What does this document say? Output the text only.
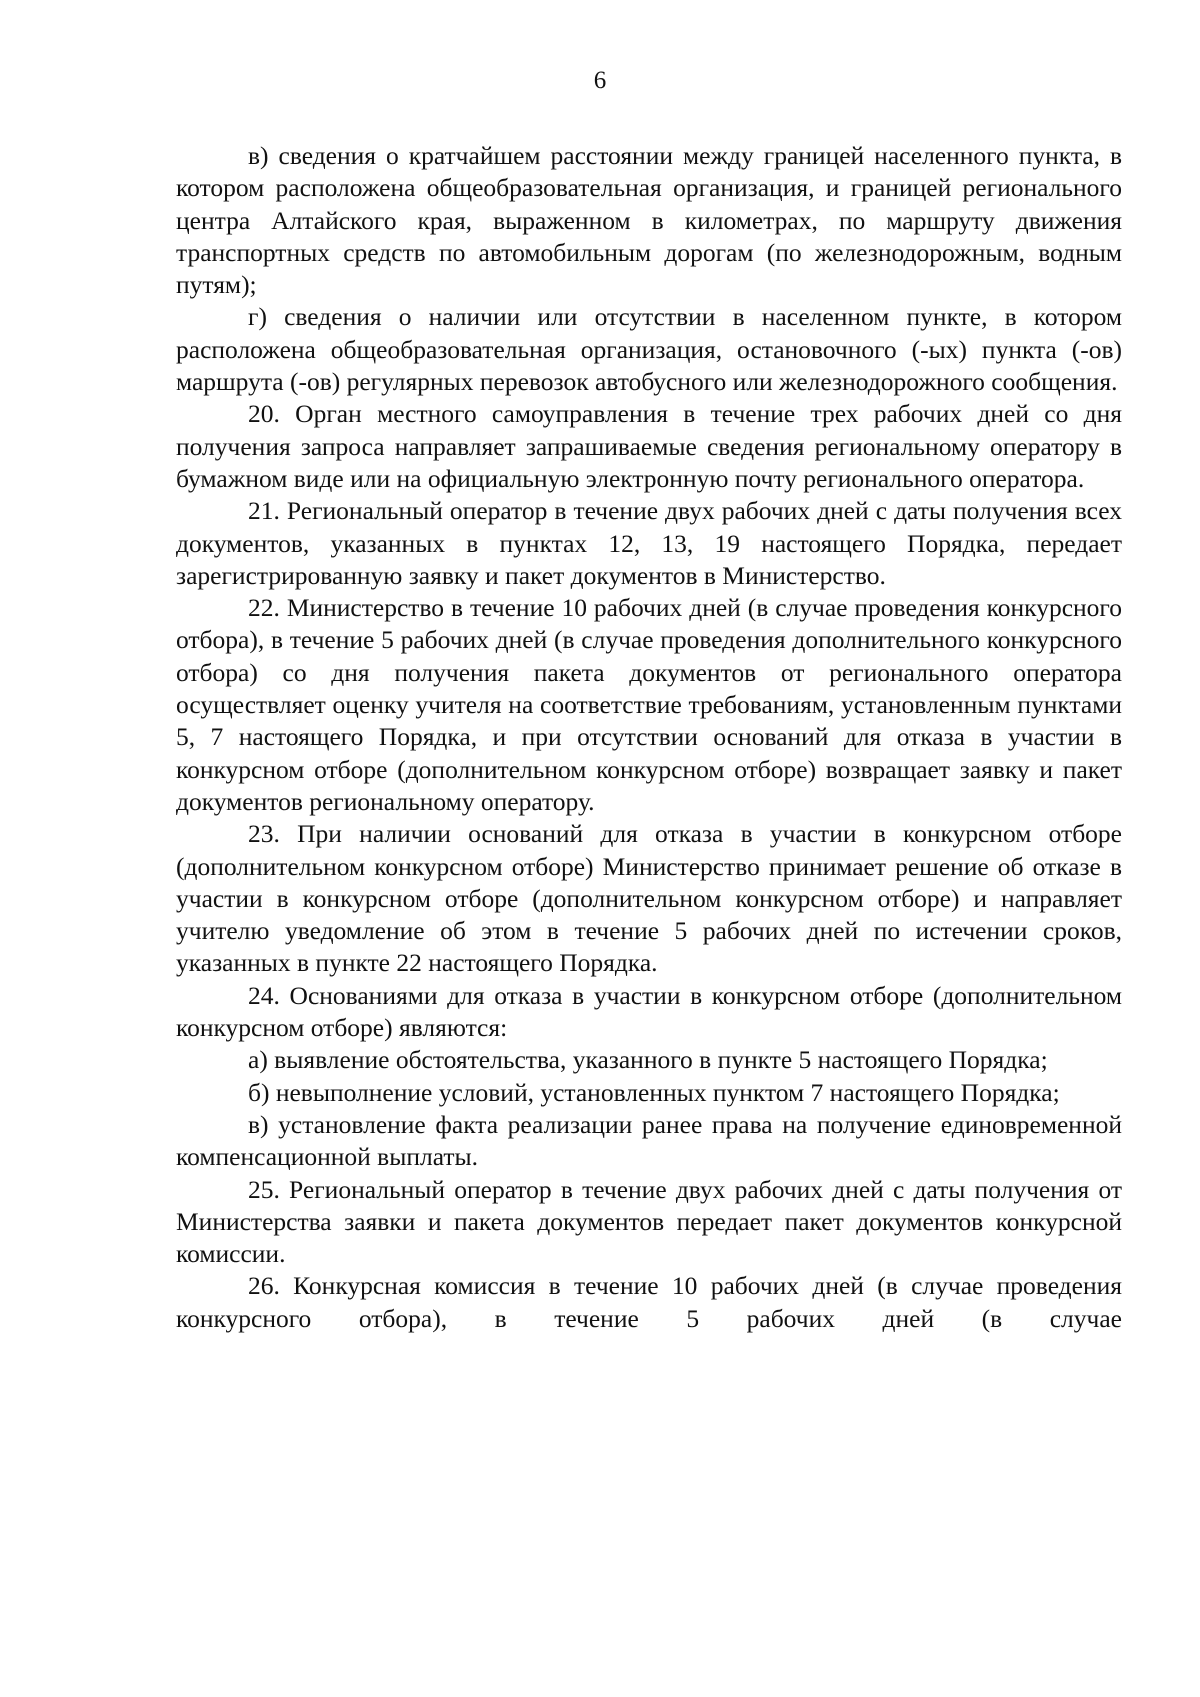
6

в) сведения о кратчайшем расстоянии между границей населенного пункта, в котором расположена общеобразовательная организация, и границей регионального центра Алтайского края, выраженном в километрах, по маршруту движения транспортных средств по автомобильным дорогам (по железнодорожным, водным путям);

г) сведения о наличии или отсутствии в населенном пункте, в котором расположена общеобразовательная организация, остановочного (-ых) пункта (-ов) маршрута (-ов) регулярных перевозок автобусного или железнодорожного сообщения.

20. Орган местного самоуправления в течение трех рабочих дней со дня получения запроса направляет запрашиваемые сведения региональному оператору в бумажном виде или на официальную электронную почту регионального оператора.

21. Региональный оператор в течение двух рабочих дней с даты получения всех документов, указанных в пунктах 12, 13, 19 настоящего Порядка, передает зарегистрированную заявку и пакет документов в Министерство.

22. Министерство в течение 10 рабочих дней (в случае проведения конкурсного отбора), в течение 5 рабочих дней (в случае проведения дополнительного конкурсного отбора) со дня получения пакета документов от регионального оператора осуществляет оценку учителя на соответствие требованиям, установленным пунктами 5, 7 настоящего Порядка, и при отсутствии оснований для отказа в участии в конкурсном отборе (дополнительном конкурсном отборе) возвращает заявку и пакет документов региональному оператору.

23. При наличии оснований для отказа в участии в конкурсном отборе (дополнительном конкурсном отборе) Министерство принимает решение об отказе в участии в конкурсном отборе (дополнительном конкурсном отборе) и направляет учителю уведомление об этом в течение 5 рабочих дней по истечении сроков, указанных в пункте 22 настоящего Порядка.

24. Основаниями для отказа в участии в конкурсном отборе (дополнительном конкурсном отборе) являются:

а) выявление обстоятельства, указанного в пункте 5 настоящего Порядка;

б) невыполнение условий, установленных пунктом 7 настоящего Порядка;

в) установление факта реализации ранее права на получение единовременной компенсационной выплаты.

25. Региональный оператор в течение двух рабочих дней с даты получения от Министерства заявки и пакета документов передает пакет документов конкурсной комиссии.

26. Конкурсная комиссия в течение 10 рабочих дней (в случае проведения конкурсного отбора), в течение 5 рабочих дней (в случае
